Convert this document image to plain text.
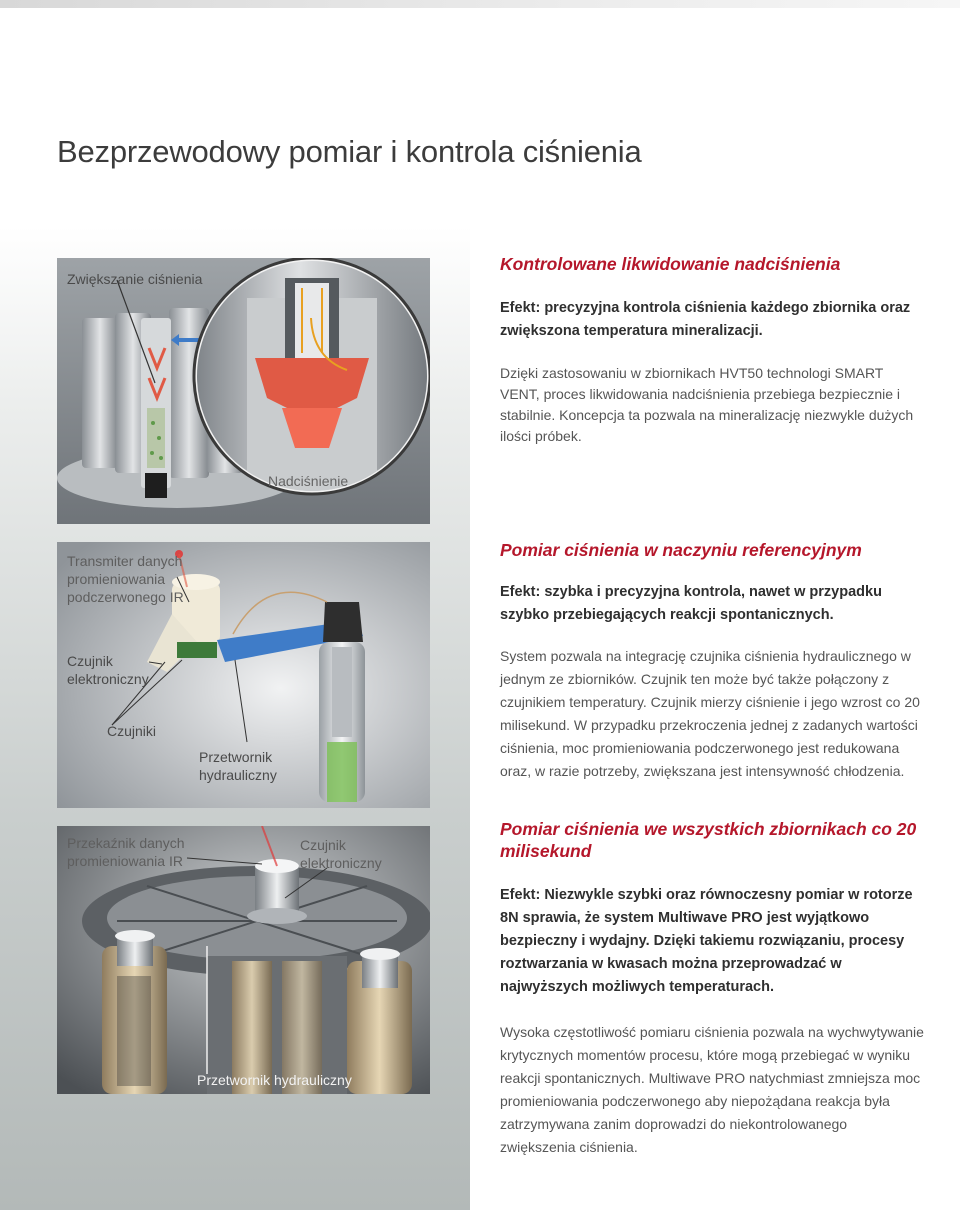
Bezprzewodowy pomiar i kontrola ciśnienia
Zwiększanie ciśnienia
Nadciśnienie
Transmiter danych promieniowania podczerwonego IR
Czujnik elektroniczny
Czujniki
Przetwornik hydrauliczny
Przekaźnik danych promieniowania IR
Czujnik elektroniczny
Przetwornik hydrauliczny
Kontrolowane likwidowanie nadciśnienia

Efekt: precyzyjna kontrola ciśnienia każdego zbiornika oraz zwiększona temperatura mineralizacji.

Dzięki zastosowaniu w zbiornikach HVT50 technologi SMART VENT, proces likwidowania nadciśnienia przebiega bezpiecznie i stabilnie. Koncepcja ta pozwala na mineralizację niezwykle dużych ilości próbek.

Pomiar ciśnienia w naczyniu referencyjnym

Efekt: szybka i precyzyjna kontrola, nawet w przypadku szybko przebiegających reakcji spontanicznych.

System pozwala na integrację czujnika ciśnienia hydraulicznego w jednym ze zbiorników. Czujnik ten może być także połączony z czujnikiem temperatury. Czujnik mierzy ciśnienie i jego wzrost co 20 milisekund. W przypadku przekroczenia jednej z zadanych wartości ciśnienia, moc promieniowania podczerwonego jest redukowana oraz, w razie potrzeby, zwiększana jest intensywność chłodzenia.

Pomiar ciśnienia we wszystkich zbiornikach co 20 milisekund

Efekt: Niezwykle szybki oraz równoczesny pomiar w rotorze 8N sprawia, że system Multiwave PRO jest wyjątkowo bezpieczny i wydajny. Dzięki takiemu rozwiązaniu, procesy roztwarzania w kwasach można przeprowadzać w najwyższych możliwych temperaturach.

Wysoka częstotliwość pomiaru ciśnienia pozwala na wychwytywanie krytycznych momentów procesu, które mogą przebiegać w wyniku reakcji spontanicznych. Multiwave PRO natychmiast zmniejsza moc promieniowania podczerwonego aby niepożądana reakcja była zatrzymywana zanim doprowadzi do niekontrolowanego zwiększenia ciśnienia.
